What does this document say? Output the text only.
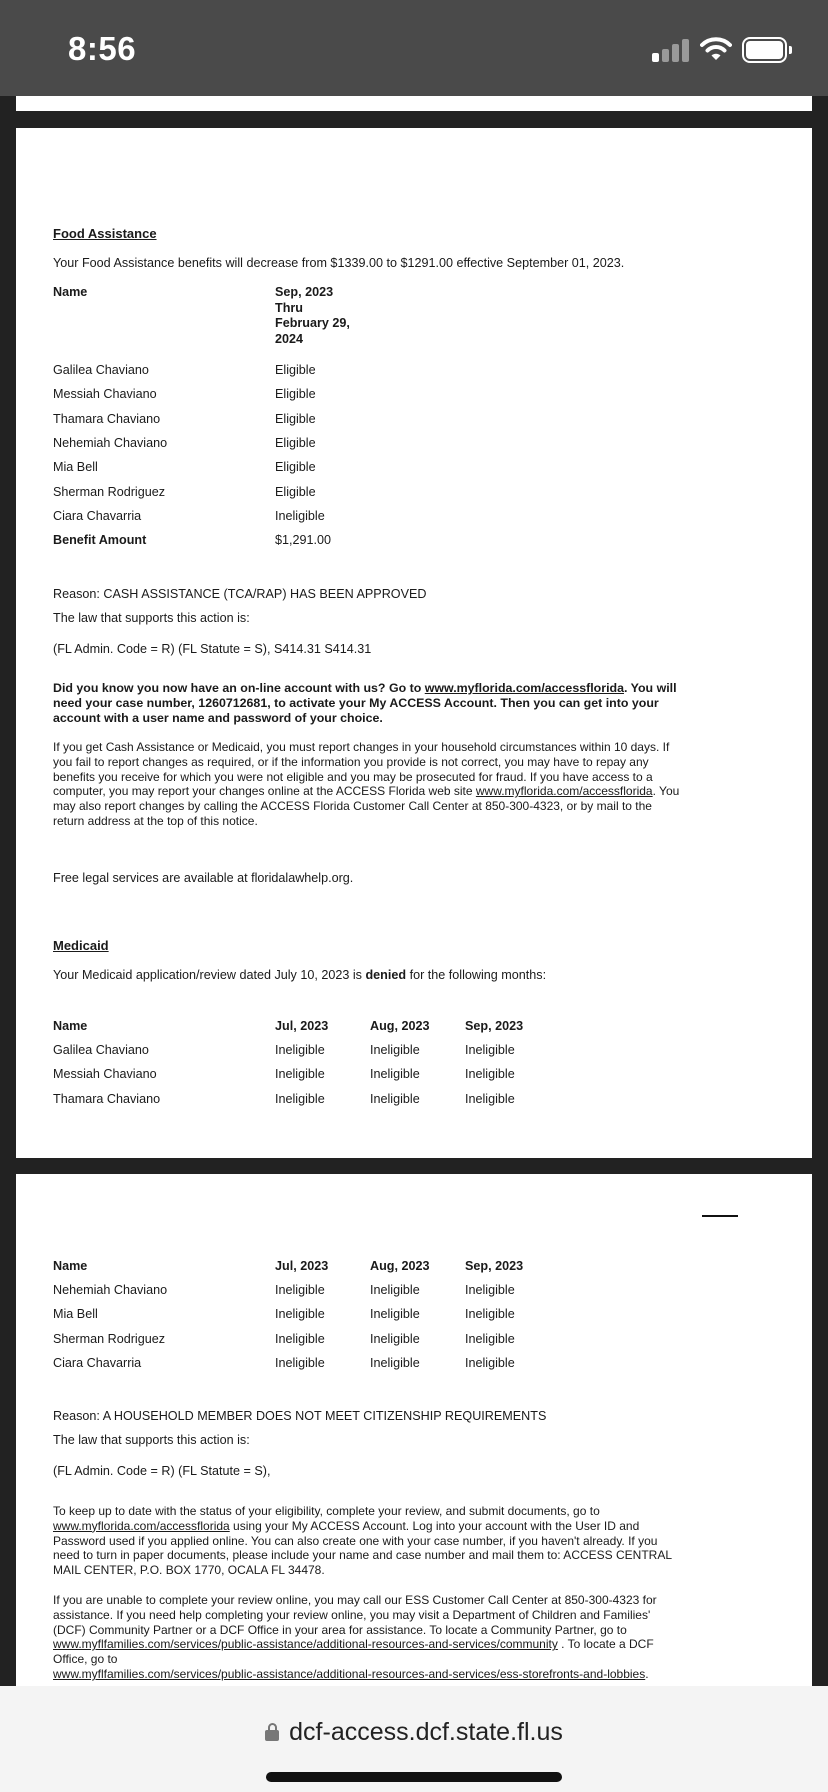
8:56
Food Assistance
Your Food Assistance benefits will decrease from $1339.00 to $1291.00 effective September 01, 2023.
Name	Sep, 2023
Thru
February 29,
2024
Galilea Chaviano	Eligible
Messiah Chaviano	Eligible
Thamara Chaviano	Eligible
Nehemiah Chaviano	Eligible
Mia Bell	Eligible
Sherman Rodriguez	Eligible
Ciara Chavarria	Ineligible
Benefit Amount	$1,291.00
Reason: CASH ASSISTANCE (TCA/RAP) HAS BEEN APPROVED
The law that supports this action is:
(FL Admin. Code = R) (FL Statute = S), S414.31 S414.31
Did you know you now have an on-line account with us? Go to www.myflorida.com/accessflorida. You will
need your case number, 1260712681, to activate your My ACCESS Account. Then you can get into your
account with a user name and password of your choice.
If you get Cash Assistance or Medicaid, you must report changes in your household circumstances within 10 days. If
you fail to report changes as required, or if the information you provide is not correct, you may have to repay any
benefits you receive for which you were not eligible and you may be prosecuted for fraud. If you have access to a
computer, you may report your changes online at the ACCESS Florida web site www.myflorida.com/accessflorida. You
may also report changes by calling the ACCESS Florida Customer Call Center at 850-300-4323, or by mail to the
return address at the top of this notice.
Free legal services are available at floridalawhelp.org.
Medicaid
Your Medicaid application/review dated July 10, 2023 is denied for the following months:
Name	Jul, 2023	Aug, 2023	Sep, 2023
Galilea Chaviano	Ineligible	Ineligible	Ineligible
Messiah Chaviano	Ineligible	Ineligible	Ineligible
Thamara Chaviano	Ineligible	Ineligible	Ineligible
Name	Jul, 2023	Aug, 2023	Sep, 2023
Nehemiah Chaviano	Ineligible	Ineligible	Ineligible
Mia Bell	Ineligible	Ineligible	Ineligible
Sherman Rodriguez	Ineligible	Ineligible	Ineligible
Ciara Chavarria	Ineligible	Ineligible	Ineligible
Reason: A HOUSEHOLD MEMBER DOES NOT MEET CITIZENSHIP REQUIREMENTS
The law that supports this action is:
(FL Admin. Code = R) (FL Statute = S),
To keep up to date with the status of your eligibility, complete your review, and submit documents, go to
www.myflorida.com/accessflorida using your My ACCESS Account. Log into your account with the User ID and
Password used if you applied online. You can also create one with your case number, if you haven't already. If you
need to turn in paper documents, please include your name and case number and mail them to: ACCESS CENTRAL
MAIL CENTER, P.O. BOX 1770, OCALA FL 34478.
If you are unable to complete your review online, you may call our ESS Customer Call Center at 850-300-4323 for
assistance. If you need help completing your review online, you may visit a Department of Children and Families'
(DCF) Community Partner or a DCF Office in your area for assistance. To locate a Community Partner, go to
www.myflfamilies.com/services/public-assistance/additional-resources-and-services/community . To locate a DCF
Office, go to
www.myflfamilies.com/services/public-assistance/additional-resources-and-services/ess-storefronts-and-lobbies.
dcf-access.dcf.state.fl.us
